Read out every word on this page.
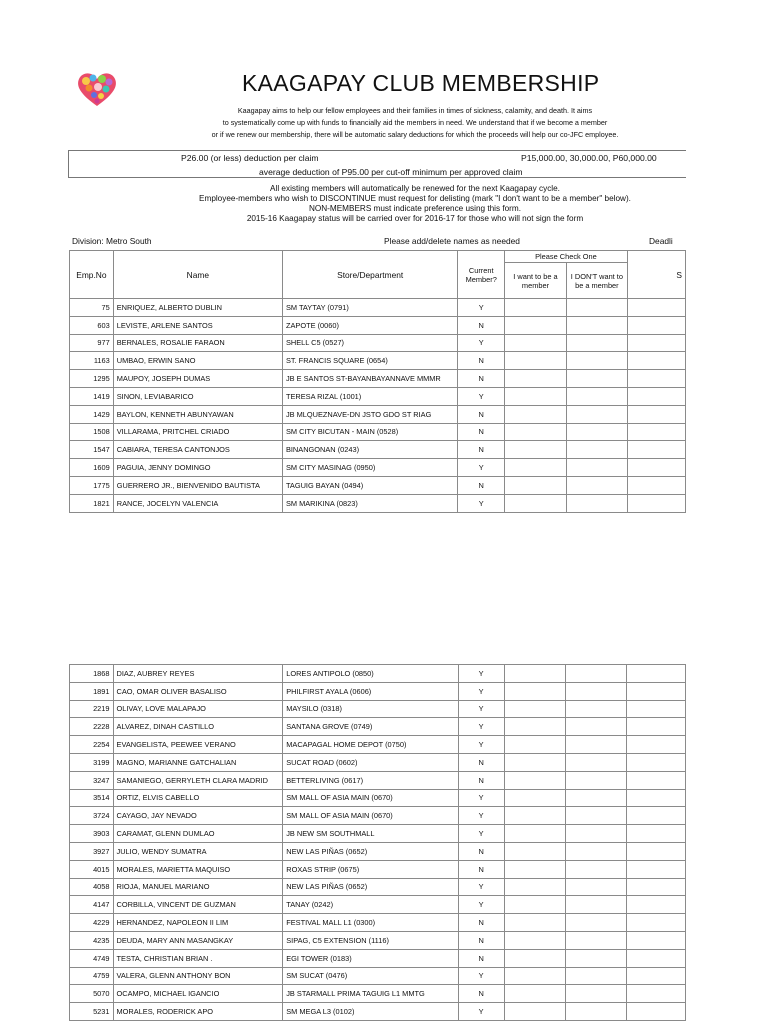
KAAGAPAY CLUB MEMBERSHIP
Kaagapay aims to help our fellow employees and their families in times of sickness, calamity, and death. It aims
to systematically come up with funds to financially aid the members in need. We understand that if we become a member
or if we renew our membership, there will be automatic salary deductions for which the proceeds will help our co-JFC employee.
P26.00 (or less) deduction per claim	P15,000.00, 30,000.00, P60,000.00
average deduction of P95.00 per cut-off minimum per approved claim
All existing members will automatically be renewed for the next Kaagapay cycle.
Employee-members who wish to DISCONTINUE must request for delisting (mark "I don't want to be a member" below).
NON-MEMBERS must indicate preference using this form.
2015-16 Kaagapay status will be carried over for 2016-17 for those who will not sign the form
Division: Metro South	Please add/delete names as needed	Deadli
Emp.No	Name	Store/Department	Current Member?	Please Check One		S
				I want to be a member	I DON'T want to be a member	
75	ENRIQUEZ, ALBERTO DUBLIN	SM TAYTAY (0791)	Y			
603	LEVISTE, ARLENE SANTOS	ZAPOTE (0060)	N			
977	BERNALES, ROSALIE FARAON	SHELL C5 (0527)	Y			
1163	UMBAO, ERWIN SANO	ST. FRANCIS SQUARE (0654)	N			
1295	MAUPOY, JOSEPH DUMAS	JB E SANTOS ST-BAYANBAYANNAVE MMMR	N			
1419	SINON, LEVIABARICO	TERESA RIZAL (1001)	Y			
1429	BAYLON, KENNETH ABUNYAWAN	JB MLQUEZNAVE-DN JSTO GDO ST RIAG	N			
1508	VILLARAMA, PRITCHEL CRIADO	SM CITY BICUTAN - MAIN (0528)	N			
1547	CABIARA, TERESA CANTONJOS	BINANGONAN (0243)	N			
1609	PAGUIA, JENNY DOMINGO	SM CITY MASINAG (0950)	Y			
1775	GUERRERO JR., BIENVENIDO BAUTISTA	TAGUIG BAYAN (0494)	N			
1821	RANCE, JOCELYN VALENCIA	SM MARIKINA (0823)	Y			
1868	DIAZ, AUBREY REYES	LORES ANTIPOLO (0850)	Y			
1891	CAO, OMAR OLIVER BASALISO	PHILFIRST AYALA (0606)	Y			
2219	OLIVAY, LOVE MALAPAJO	MAYSILO (0318)	Y			
2228	ALVAREZ, DINAH CASTILLO	SANTANA GROVE (0749)	Y			
2254	EVANGELISTA, PEEWEE VERANO	MACAPAGAL HOME DEPOT (0750)	Y			
3199	MAGNO, MARIANNE GATCHALIAN	SUCAT ROAD (0602)	N			
3247	SAMANIEGO, GERRYLETH CLARA MADRID	BETTERLIVING (0617)	N			
3514	ORTIZ, ELVIS CABELLO	SM MALL OF ASIA MAIN (0670)	Y			
3724	CAYAGO, JAY NEVADO	SM MALL OF ASIA MAIN (0670)	Y			
3903	CARAMAT, GLENN DUMLAO	JB NEW SM SOUTHMALL	Y			
3927	JULIO, WENDY SUMATRA	NEW LAS PIÑAS (0652)	N			
4015	MORALES, MARIETTA MAQUISO	ROXAS STRIP (0675)	N			
4058	RIOJA, MANUEL MARIANO	NEW LAS PIÑAS (0652)	Y			
4147	CORBILLA, VINCENT DE GUZMAN	TANAY (0242)	Y			
4229	HERNANDEZ, NAPOLEON II LIM	FESTIVAL MALL L1 (0300)	N			
4235	DEUDA, MARY ANN MASANGKAY	SIPAG, C5 EXTENSION (1116)	N			
4749	TESTA, CHRISTIAN BRIAN .	EGI TOWER (0183)	N			
4759	VALERA, GLENN ANTHONY BON	SM SUCAT (0476)	Y			
5070	OCAMPO, MICHAEL IGANCIO	JB STARMALL PRIMA TAGUIG L1 MMTG	N			
5231	MORALES, RODERICK APO	SM MEGA L3 (0102)	Y			
